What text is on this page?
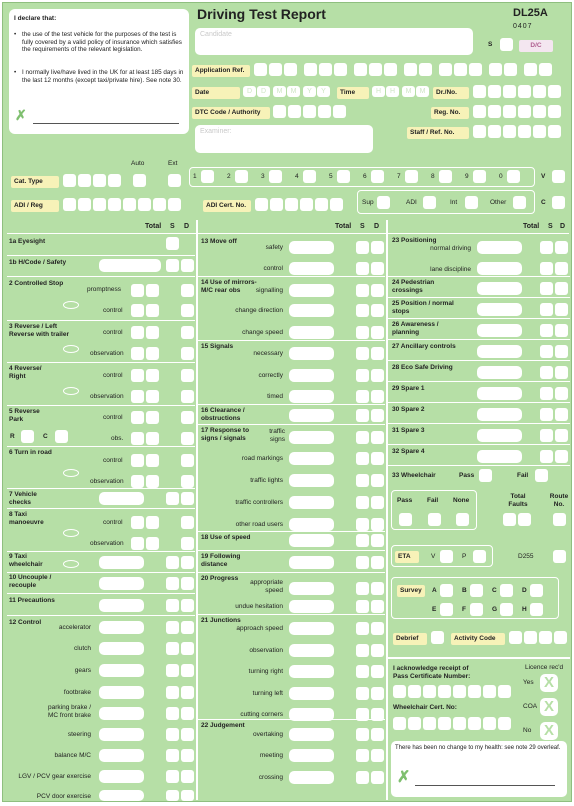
I declare that:
• the use of the test vehicle for the purposes of the test is fully covered by a valid policy of insurance which satisfies the requirements of the relevant legislation.
• I normally live/have lived in the UK for at least 185 days in the last 12 months (except taxi/private hire). See note 30.
✗
Driving Test Report	DL25A
0407
Candidate
S	D/C
Application Ref.
Date	D	D	M	M	Y	Y	Time	H	H	M	M	Dr./No.
DTC Code / Authority	Reg. No.
Examiner:	Staff / Ref. No.
Auto	Ext
Cat. Type
1	2	3	4	5	6	7	8	9	0	V
ADI / Reg	ADI Cert. No.	Sup	ADI	Int	Other	C
Total S D	Total S D	Total S D
1a Eyesight
1b H/Code / Safety
2 Controlled Stop
promptness
control
3 Reverse / Left Reverse with trailer	control
observation
4 Reverse/ Right	control
observation
5 Reverse Park	control
R	C	obs.
6 Turn in road
control
observation
7 Vehicle checks
8 Taxi manoeuvre	control
observation
9 Taxi wheelchair
10 Uncouple / recouple
11 Precautions
12 Control
accelerator
clutch
gears
footbrake
parking brake / MC front brake
steering
balance M/C
LGV / PCV gear exercise
PCV door exercise
13 Move off
safety
control
14 Use of mirrors- M/C rear obs	signalling
change direction
change speed
15 Signals
necessary
correctly
timed
16 Clearance / obstructions
17 Response to signs / signals
traffic signs
road markings
traffic lights
traffic controllers
other road users
18 Use of speed
19 Following distance
20 Progress
appropriate speed
undue hesitation
21 Junctions
approach speed
observation
turning right
turning left
cutting corners
22 Judgement
overtaking
meeting
crossing
23 Positioning
normal driving
lane discipline
24 Pedestrian crossings
25 Position / normal stops
26 Awareness / planning
27 Ancillary controls
28 Eco Safe Driving
29 Spare 1
30 Spare 2
31 Spare 3
32 Spare 4
33 Wheelchair	Pass	Fail
Pass Fail None
Total Faults
Route No.
ETA	V	P	D255
Survey	A	B	C	D
E	F	G	H
Debrief	Activity Code
I acknowledge receipt of Pass Certificate Number:
Licence rec'd
Yes X
Wheelchair Cert. No:	COA X
No X
There has been no change to my health: see note 29 overleaf.
✗
